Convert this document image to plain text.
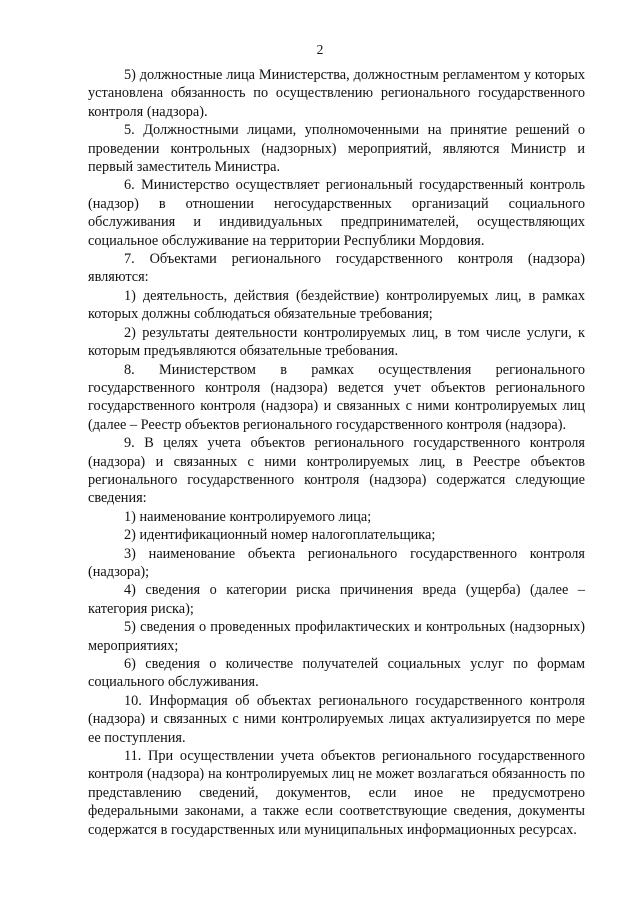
2

5) должностные лица Министерства, должностным регламентом у которых установлена обязанность по осуществлению регионального государственного контроля (надзора).

5. Должностными лицами, уполномоченными на принятие решений о проведении контрольных (надзорных) мероприятий, являются Министр и первый заместитель Министра.

6. Министерство осуществляет региональный государственный контроль (надзор) в отношении негосударственных организаций социального обслуживания и индивидуальных предпринимателей, осуществляющих социальное обслуживание на территории Республики Мордовия.

7. Объектами регионального государственного контроля (надзора) являются:

1) деятельность, действия (бездействие) контролируемых лиц, в рамках которых должны соблюдаться обязательные требования;

2) результаты деятельности контролируемых лиц, в том числе услуги, к которым предъявляются обязательные требования.

8. Министерством в рамках осуществления регионального государственного контроля (надзора) ведется учет объектов регионального государственного контроля (надзора) и связанных с ними контролируемых лиц (далее – Реестр объектов регионального государственного контроля (надзора).

9. В целях учета объектов регионального государственного контроля (надзора) и связанных с ними контролируемых лиц, в Реестре объектов регионального государственного контроля (надзора) содержатся следующие сведения:

1) наименование контролируемого лица;

2) идентификационный номер налогоплательщика;

3) наименование объекта регионального государственного контроля (надзора);

4) сведения о категории риска причинения вреда (ущерба) (далее – категория риска);

5) сведения о проведенных профилактических и контрольных (надзорных) мероприятиях;

6) сведения о количестве получателей социальных услуг по формам социального обслуживания.

10. Информация об объектах регионального государственного контроля (надзора) и связанных с ними контролируемых лицах актуализируется по мере ее поступления.

11. При осуществлении учета объектов регионального государственного контроля (надзора) на контролируемых лиц не может возлагаться обязанность по представлению сведений, документов, если иное не предусмотрено федеральными законами, а также если соответствующие сведения, документы содержатся в государственных или муниципальных информационных ресурсах.
